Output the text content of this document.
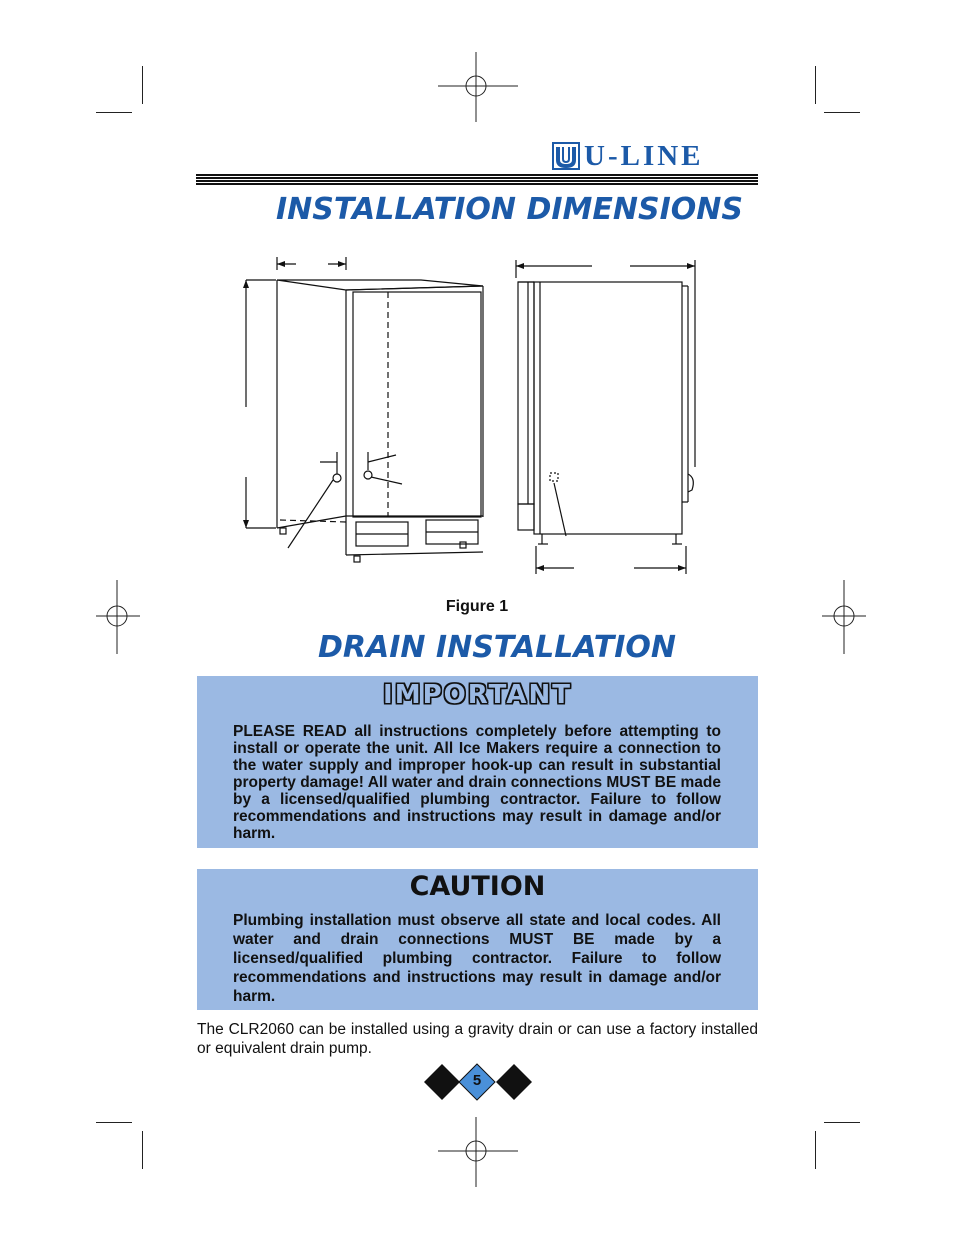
U-LINE
INSTALLATION DIMENSIONS
Figure 1
DRAIN INSTALLATION
IMPORTANT
PLEASE READ all instructions completely before attempting to install or operate the unit. All Ice Makers require a connection to the water supply and improper hook-up can result in substantial property damage! All water and drain connections MUST BE made by a licensed/qualified plumbing contractor. Failure to follow recommendations and instructions may result in damage and/or harm.
CAUTION
Plumbing installation must observe all state and local codes. All water and drain connections MUST BE made by a licensed/qualified plumbing contractor. Failure to follow recommendations and instructions may result in damage and/or harm.
The CLR2060 can be installed using a gravity drain or can use a factory installed or equivalent drain pump.
5
